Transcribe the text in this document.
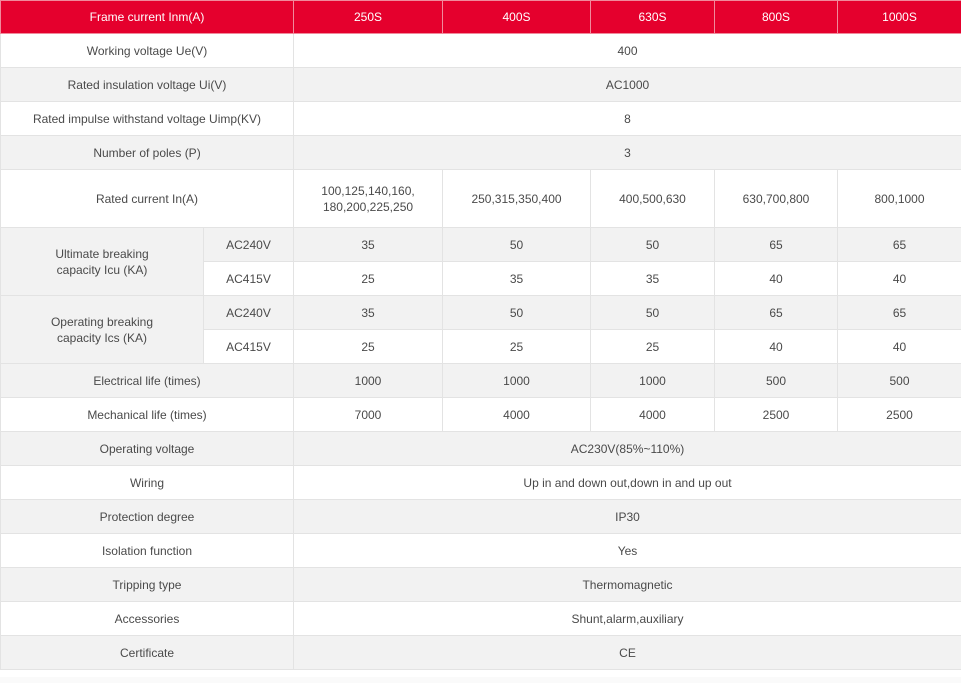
Frame current Inm(A)		250S	400S	630S	800S	1000S
Working voltage Ue(V)		400				
Rated insulation voltage Ui(V)		AC1000				
Rated impulse withstand voltage Uimp(KV)		8				
Number of poles (P)		3				
Rated current In(A)		100,125,140,160,
180,200,225,250	250,315,350,400	400,500,630	630,700,800	800,1000

Ultimate breaking
capacity Icu (KA)	AC240V	35	50	50	65	65
	AC415V	25	35	35	40	40

Operating breaking
capacity Ics (KA)	AC240V	35	50	50	65	65
	AC415V	25	25	25	40	40
Electrical life (times)		1000	1000	1000	500	500
Mechanical life (times)		7000	4000	4000	2500	2500
Operating voltage		AC230V(85%~110%)				
Wiring		Up in and down out,down in and up out				
Protection degree		IP30				
Isolation function		Yes				
Tripping type		Thermomagnetic				
Accessories		Shunt,alarm,auxiliary				
Certificate		CE				
